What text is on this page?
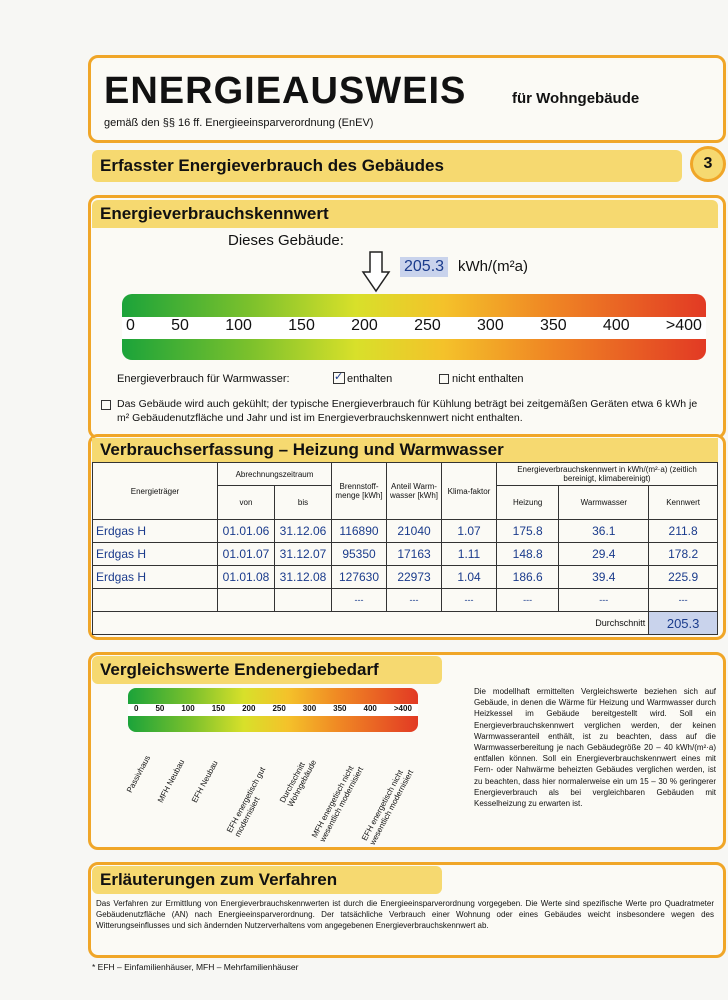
ENERGIEAUSWEIS	für Wohngebäude
gemäß den §§ 16 ff. Energieeinsparverordnung (EnEV)
Erfasster Energieverbrauch des Gebäudes	3
Energieverbrauchskennwert
Dieses Gebäude:
205.3 kWh/(m²a)
0 50 100 150 200 250 300 350 400 >400
Energieverbrauch für Warmwasser:	✓ enthalten	nicht enthalten
Das Gebäude wird auch gekühlt; der typische Energieverbrauch für Kühlung beträgt bei zeitgemäßen Geräten etwa 6 kWh je m² Gebäudenutzfläche und Jahr und ist im Energieverbrauchskennwert nicht enthalten.
Verbrauchserfassung – Heizung und Warmwasser
Energieträger	Abrechnungszeitraum		Brennstoff-menge [kWh]	Anteil Warm-wasser [kWh]	Klima-faktor	Energieverbrauchskennwert in kWh/(m²·a) (zeitlich bereinigt, klimabereinigt)		
	von	bis				Heizung	Warmwasser	Kennwert
Erdgas H	01.01.06	31.12.06	116890	21040	1.07	175.8	36.1	211.8
Erdgas H	01.01.07	31.12.07	95350	17163	1.11	148.8	29.4	178.2
Erdgas H	01.01.08	31.12.08	127630	22973	1.04	186.6	39.4	225.9
			---	---	---	---	---	---
Durchschnitt								205.3
Vergleichswerte Endenergiebedarf
0 50 100 150 200 250 300 350 400 >400
Passivhaus MFH Neubau EFH Neubau EFH energetisch gut modernisiert
Durchschnitt Wohngebäude
MFH energetisch nicht wesentlich modernisiert
EFH energetisch nicht wesentlich modernisiert
Die modellhaft ermittelten Vergleichswerte beziehen sich auf Gebäude, in denen die Wärme für Heizung und Warmwasser durch Heizkessel im Gebäude bereitgestellt wird. Soll ein Energieverbrauchskennwert verglichen werden, der keinen Warmwasseranteil enthält, ist zu beachten, dass auf die Warmwasserbereitung je nach Gebäudegröße 20 – 40 kWh/(m²·a) entfallen können. Soll ein Energieverbrauchskennwert eines mit Fern- oder Nahwärme beheizten Gebäudes verglichen werden, ist zu beachten, dass hier normalerweise ein um 15 – 30 % geringerer Energieverbrauch als bei vergleichbaren Gebäuden mit Kesselheizung zu erwarten ist.
Erläuterungen zum Verfahren
Das Verfahren zur Ermittlung von Energieverbrauchskennwerten ist durch die Energieeinsparverordnung vorgegeben. Die Werte sind spezifische Werte pro Quadratmeter Gebäudenutzfläche (AN) nach Energieeinsparverordnung. Der tatsächliche Verbrauch einer Wohnung oder eines Gebäudes weicht insbesondere wegen des Witterungseinflusses und sich ändernden Nutzerverhaltens vom angegebenen Energieverbrauchskennwert ab.
* EFH – Einfamilienhäuser, MFH – Mehrfamilienhäuser
